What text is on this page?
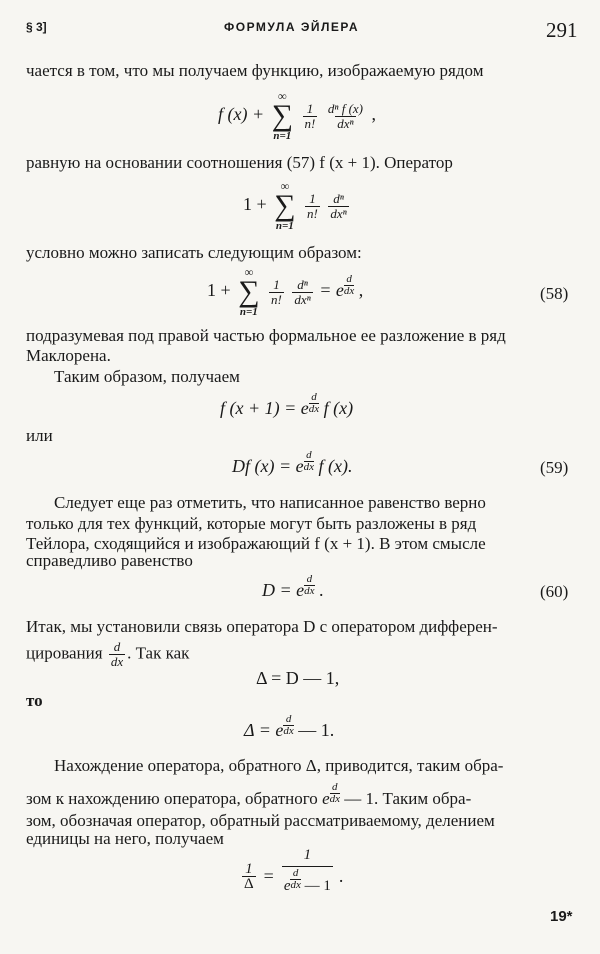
§ 3]	ФОРМУЛА ЭЙЛЕРА	291
чается в том, что мы получаем функцию, изображаемую рядом
f (x) +
∞
∑
n=1

$\frac{1}{n!}$
$\frac{\text{dⁿ f (x)}}{\text{dxⁿ}}$ ,
равную на основании соотношения (57) f (x + 1). Оператор
1 +
∞
∑
n=1

$\frac{1}{n!}$
$\frac{\text{dⁿ}}{\text{dxⁿ}}$
условно можно записать следующим образом:
1 +
∞
∑
n=1

$\frac{1}{n!}$
$\frac{\text{dⁿ}}{\text{dxⁿ}} = e \frac{d}{dx}$ ,	(58)
подразумевая под правой частью формальное ее разложение в ряд
Маклорена.
Таким образом, получаем
f (x + 1) = e $\frac{d}{dx}$ f (x)
или
Df (x) = e $\frac{d}{dx}$ f (x).	(59)
Следует еще раз отметить, что написанное равенство верно
только для тех функций, которые могут быть разложены в ряд
Тейлора, сходящийся и изображающий f (x + 1). В этом смысле
справедливо равенство
D = e $\frac{d}{dx}$ .	(60)
Итак, мы установили связь оператора D с оператором дифферен-
цирования $\frac{d}{dx}$ . Так как
Δ = D — 1,
то
Δ = e $\frac{d}{dx}$ — 1.
Нахождение оператора, обратного Δ, приводится, таким обра-
зом к нахождению оператора, обратного e $\frac{d}{dx}$ — 1. Таким обра-
зом, обозначая оператор, обратный рассматриваемому, делением
единицы на него, получаем
$\frac{1}{\Delta} = \frac{1}{e \frac{d}{dx} — 1}$ .
19*
